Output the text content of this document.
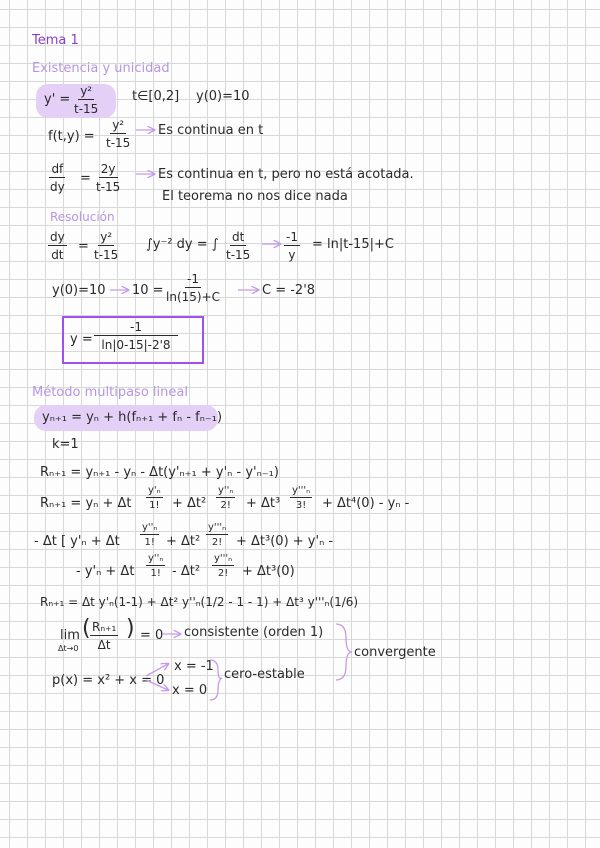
Tema 1
Existencia y unicidad
$y' = \frac{\text{y²}}{t-15}$ t∈[0,2] y(0)=10
$f(t,y) = \frac{\text{y²}}{t-15}$ Es continua en t
$\frac{df}{dy} = \frac{2y}{t-15}$	Es continua en t, pero no está acotada.
El teorema no nos dice nada
Resolución
$\frac{dy}{dt} = \frac{\text{y²}}{t-15} \int y^{-2}$ dy = ∫ $\frac{dt}{t-15}$	$\frac{-1}{y} = \ln|t-15|+C$
y(0)=10 $10 = \frac{-1}{\ln(15)+C}$	C = -2'8
$y = \frac{-1}{\ln|0-15|-2'8}$
Método multipaso lineal
yₙ₊₁ = yₙ + h(fₙ₊₁ + fₙ - fₙ₋₁)
k=1
Rₙ₊₁ = yₙ₊₁ - yₙ - Δt(y'ₙ₊₁ + y'ₙ - y'ₙ₋₁)
Rₙ₊₁ = yₙ + Δt $\frac{\text{y'ₙ}}{1!} + \Delta t^2 \frac{\text{y''ₙ}}{2!} + \Delta t^3 \frac{\text{y'''ₙ}}{3!} + \Delta t^4(0) - y_n$ -
- Δt [ y'ₙ + Δt $\frac{\text{y''ₙ}}{1!} + \Delta t^2 \frac{\text{y'''ₙ}}{2!} + \Delta t^3(0) + y'_n$ -
- y'ₙ + Δt $\frac{\text{y''ₙ}}{1!} - \Delta t^2 \frac{\text{y'''ₙ}}{2!} + \Delta t^3(0)$
Rₙ₊₁ = Δt y'ₙ(1-1) + Δt² y''ₙ(1/2 - 1 - 1) + Δt³ y'''ₙ(1/6)
lim
Δt→0
( $\frac{\text{Rₙ₊₁}}{\Delta t}$ ) = 0 consistente (orden 1)
p(x) = x² + x = 0
x = -1
x = 0
cero-estable
convergente
